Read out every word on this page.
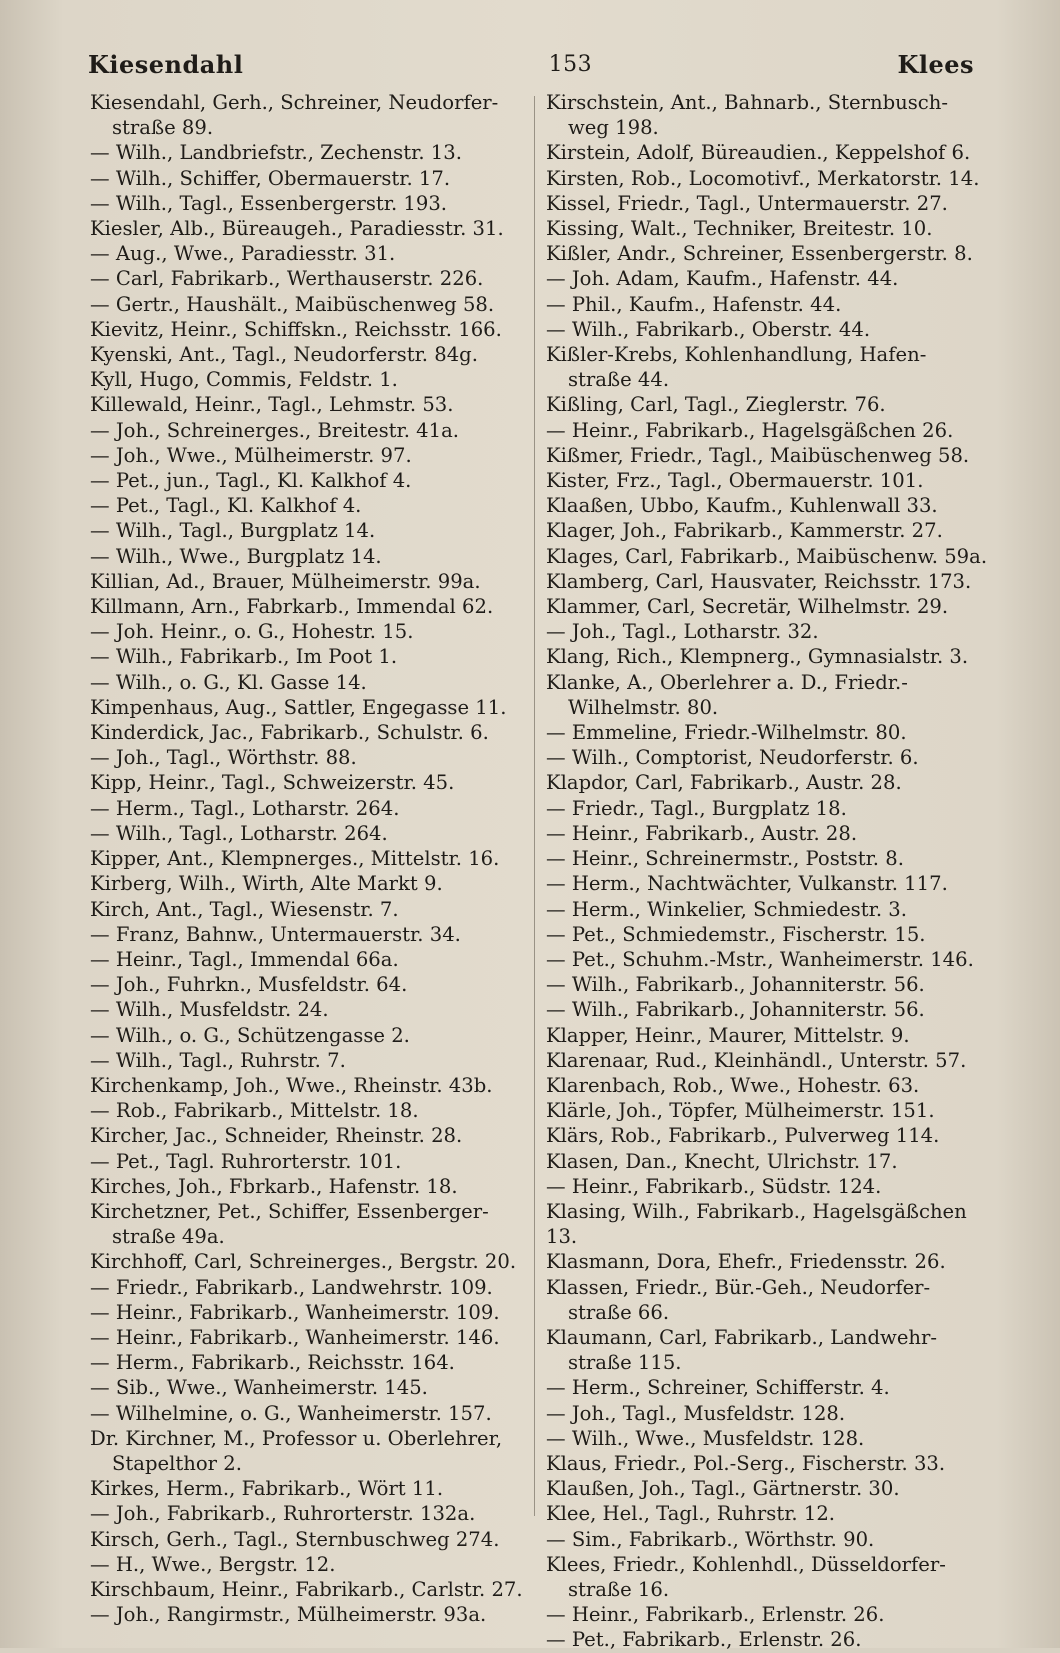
Kiesendahl	153	Klees
Kiesendahl, Gerh., Schreiner, Neudorfer-
straße 89.
— Wilh., Landbriefstr., Zechenstr. 13.
— Wilh., Schiffer, Obermauerstr. 17.
— Wilh., Tagl., Essenbergerstr. 193.
Kiesler, Alb., Büreaugeh., Paradiesstr. 31.
— Aug., Wwe., Paradiesstr. 31.
— Carl, Fabrikarb., Werthauserstr. 226.
— Gertr., Haushält., Maibüschenweg 58.
Kievitz, Heinr., Schiffskn., Reichsstr. 166.
Kyenski, Ant., Tagl., Neudorferstr. 84g.
Kyll, Hugo, Commis, Feldstr. 1.
Killewald, Heinr., Tagl., Lehmstr. 53.
— Joh., Schreinerges., Breitestr. 41a.
— Joh., Wwe., Mülheimerstr. 97.
— Pet., jun., Tagl., Kl. Kalkhof 4.
— Pet., Tagl., Kl. Kalkhof 4.
— Wilh., Tagl., Burgplatz 14.
— Wilh., Wwe., Burgplatz 14.
Killian, Ad., Brauer, Mülheimerstr. 99a.
Killmann, Arn., Fabrkarb., Immendal 62.
— Joh. Heinr., o. G., Hohestr. 15.
— Wilh., Fabrikarb., Im Poot 1.
— Wilh., o. G., Kl. Gasse 14.
Kimpenhaus, Aug., Sattler, Engegasse 11.
Kinderdick, Jac., Fabrikarb., Schulstr. 6.
— Joh., Tagl., Wörthstr. 88.
Kipp, Heinr., Tagl., Schweizerstr. 45.
— Herm., Tagl., Lotharstr. 264.
— Wilh., Tagl., Lotharstr. 264.
Kipper, Ant., Klempnerges., Mittelstr. 16.
Kirberg, Wilh., Wirth, Alte Markt 9.
Kirch, Ant., Tagl., Wiesenstr. 7.
— Franz, Bahnw., Untermauerstr. 34.
— Heinr., Tagl., Immendal 66a.
— Joh., Fuhrkn., Musfeldstr. 64.
— Wilh., Musfeldstr. 24.
— Wilh., o. G., Schützengasse 2.
— Wilh., Tagl., Ruhrstr. 7.
Kirchenkamp, Joh., Wwe., Rheinstr. 43b.
— Rob., Fabrikarb., Mittelstr. 18.
Kircher, Jac., Schneider, Rheinstr. 28.
— Pet., Tagl. Ruhrorterstr. 101.
Kirches, Joh., Fbrkarb., Hafenstr. 18.
Kirchetzner, Pet., Schiffer, Essenberger-
straße 49a.
Kirchhoff, Carl, Schreinerges., Bergstr. 20.
— Friedr., Fabrikarb., Landwehrstr. 109.
— Heinr., Fabrikarb., Wanheimerstr. 109.
— Heinr., Fabrikarb., Wanheimerstr. 146.
— Herm., Fabrikarb., Reichsstr. 164.
— Sib., Wwe., Wanheimerstr. 145.
— Wilhelmine, o. G., Wanheimerstr. 157.
Dr. Kirchner, M., Professor u. Oberlehrer,
Stapelthor 2.
Kirkes, Herm., Fabrikarb., Wört 11.
— Joh., Fabrikarb., Ruhrorterstr. 132a.
Kirsch, Gerh., Tagl., Sternbuschweg 274.
— H., Wwe., Bergstr. 12.
Kirschbaum, Heinr., Fabrikarb., Carlstr. 27.
— Joh., Rangirmstr., Mülheimerstr. 93a.
Kirschstein, Ant., Bahnarb., Sternbusch-
weg 198.
Kirstein, Adolf, Büreaudien., Keppelshof 6.
Kirsten, Rob., Locomotivf., Merkatorstr. 14.
Kissel, Friedr., Tagl., Untermauerstr. 27.
Kissing, Walt., Techniker, Breitestr. 10.
Kißler, Andr., Schreiner, Essenbergerstr. 8.
— Joh. Adam, Kaufm., Hafenstr. 44.
— Phil., Kaufm., Hafenstr. 44.
— Wilh., Fabrikarb., Oberstr. 44.
Kißler-Krebs, Kohlenhandlung, Hafen-
straße 44.
Kißling, Carl, Tagl., Zieglerstr. 76.
— Heinr., Fabrikarb., Hagelsgäßchen 26.
Kißmer, Friedr., Tagl., Maibüschenweg 58.
Kister, Frz., Tagl., Obermauerstr. 101.
Klaaßen, Ubbo, Kaufm., Kuhlenwall 33.
Klager, Joh., Fabrikarb., Kammerstr. 27.
Klages, Carl, Fabrikarb., Maibüschenw. 59a.
Klamberg, Carl, Hausvater, Reichsstr. 173.
Klammer, Carl, Secretär, Wilhelmstr. 29.
— Joh., Tagl., Lotharstr. 32.
Klang, Rich., Klempnerg., Gymnasialstr. 3.
Klanke, A., Oberlehrer a. D., Friedr.-
Wilhelmstr. 80.
— Emmeline, Friedr.-Wilhelmstr. 80.
— Wilh., Comptorist, Neudorferstr. 6.
Klapdor, Carl, Fabrikarb., Austr. 28.
— Friedr., Tagl., Burgplatz 18.
— Heinr., Fabrikarb., Austr. 28.
— Heinr., Schreinermstr., Poststr. 8.
— Herm., Nachtwächter, Vulkanstr. 117.
— Herm., Winkelier, Schmiedestr. 3.
— Pet., Schmiedemstr., Fischerstr. 15.
— Pet., Schuhm.-Mstr., Wanheimerstr. 146.
— Wilh., Fabrikarb., Johanniterstr. 56.
— Wilh., Fabrikarb., Johanniterstr. 56.
Klapper, Heinr., Maurer, Mittelstr. 9.
Klarenaar, Rud., Kleinhändl., Unterstr. 57.
Klarenbach, Rob., Wwe., Hohestr. 63.
Klärle, Joh., Töpfer, Mülheimerstr. 151.
Klärs, Rob., Fabrikarb., Pulverweg 114.
Klasen, Dan., Knecht, Ulrichstr. 17.
— Heinr., Fabrikarb., Südstr. 124.
Klasing, Wilh., Fabrikarb., Hagelsgäßchen 13.
Klasmann, Dora, Ehefr., Friedensstr. 26.
Klassen, Friedr., Bür.-Geh., Neudorfer-
straße 66.
Klaumann, Carl, Fabrikarb., Landwehr-
straße 115.
— Herm., Schreiner, Schifferstr. 4.
— Joh., Tagl., Musfeldstr. 128.
— Wilh., Wwe., Musfeldstr. 128.
Klaus, Friedr., Pol.-Serg., Fischerstr. 33.
Klaußen, Joh., Tagl., Gärtnerstr. 30.
Klee, Hel., Tagl., Ruhrstr. 12.
— Sim., Fabrikarb., Wörthstr. 90.
Klees, Friedr., Kohlenhdl., Düsseldorfer-
straße 16.
— Heinr., Fabrikarb., Erlenstr. 26.
— Pet., Fabrikarb., Erlenstr. 26.
